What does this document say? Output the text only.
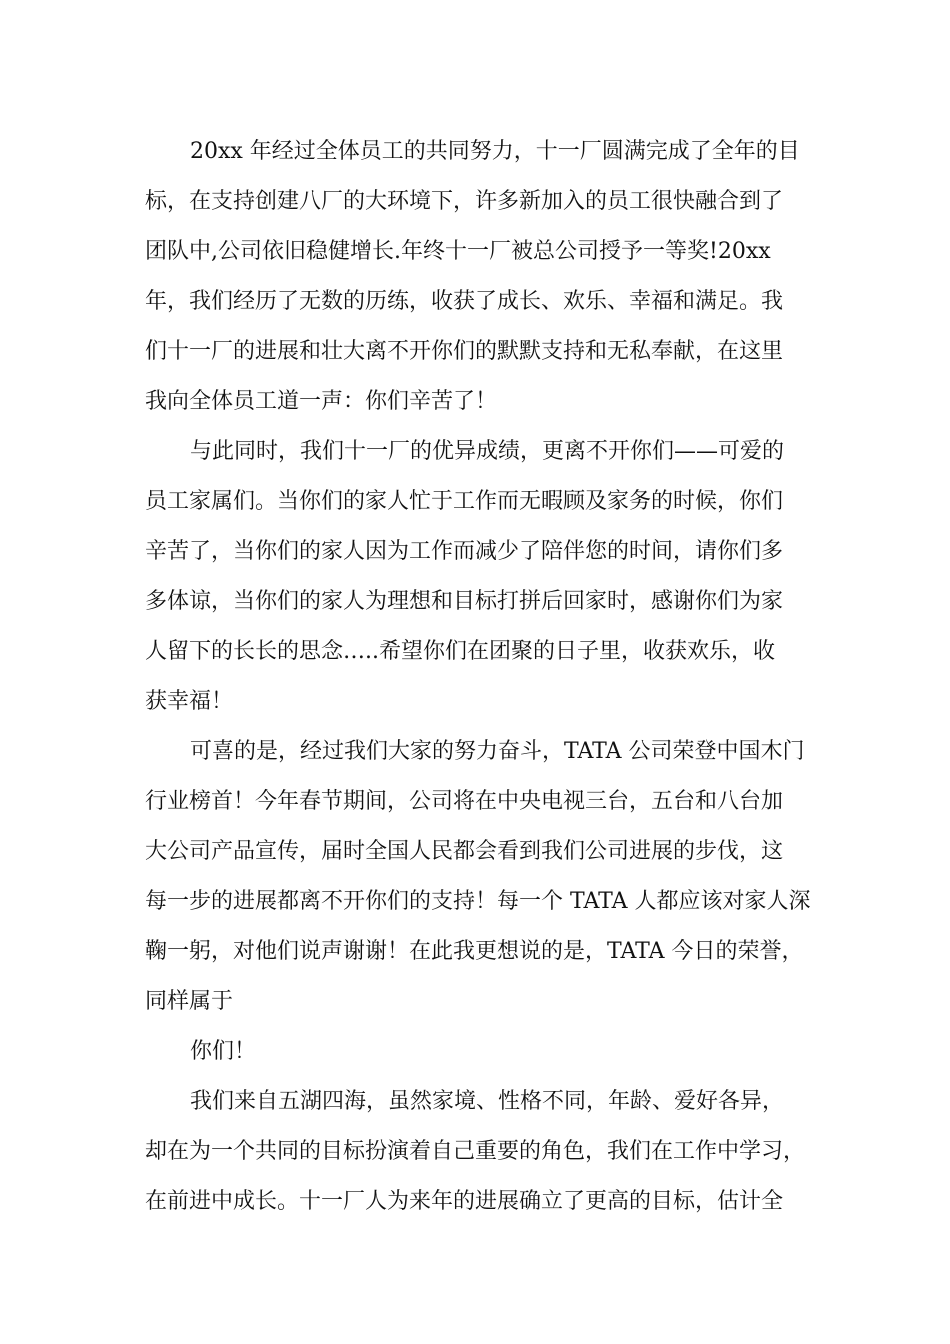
20xx 年经过全体员工的共同努力，十一厂圆满完成了全年的目

标，在支持创建八厂的大环境下，许多新加入的员工很快融合到了

团队中,公司依旧稳健增长.年终十一厂被总公司授予一等奖!20xx

年，我们经历了无数的历练，收获了成长、欢乐、幸福和满足。我

们十一厂的进展和壮大离不开你们的默默支持和无私奉献，在这里

我向全体员工道一声：你们辛苦了！

与此同时，我们十一厂的优异成绩，更离不开你们——可爱的

员工家属们。当你们的家人忙于工作而无暇顾及家务的时候，你们

辛苦了，当你们的家人因为工作而减少了陪伴您的时间，请你们多

多体谅，当你们的家人为理想和目标打拼后回家时，感谢你们为家

人留下的长长的思念…..希望你们在团聚的日子里，收获欢乐，收

获幸福！

可喜的是，经过我们大家的努力奋斗，TATA 公司荣登中国木门

行业榜首！今年春节期间，公司将在中央电视三台，五台和八台加

大公司产品宣传，届时全国人民都会看到我们公司进展的步伐，这

每一步的进展都离不开你们的支持！每一个 TATA 人都应该对家人深

鞠一躬，对他们说声谢谢！在此我更想说的是，TATA 今日的荣誉，

同样属于

你们！

我们来自五湖四海，虽然家境、性格不同，年龄、爱好各异，

却在为一个共同的目标扮演着自己重要的角色，我们在工作中学习，

在前进中成长。十一厂人为来年的进展确立了更高的目标，估计全
